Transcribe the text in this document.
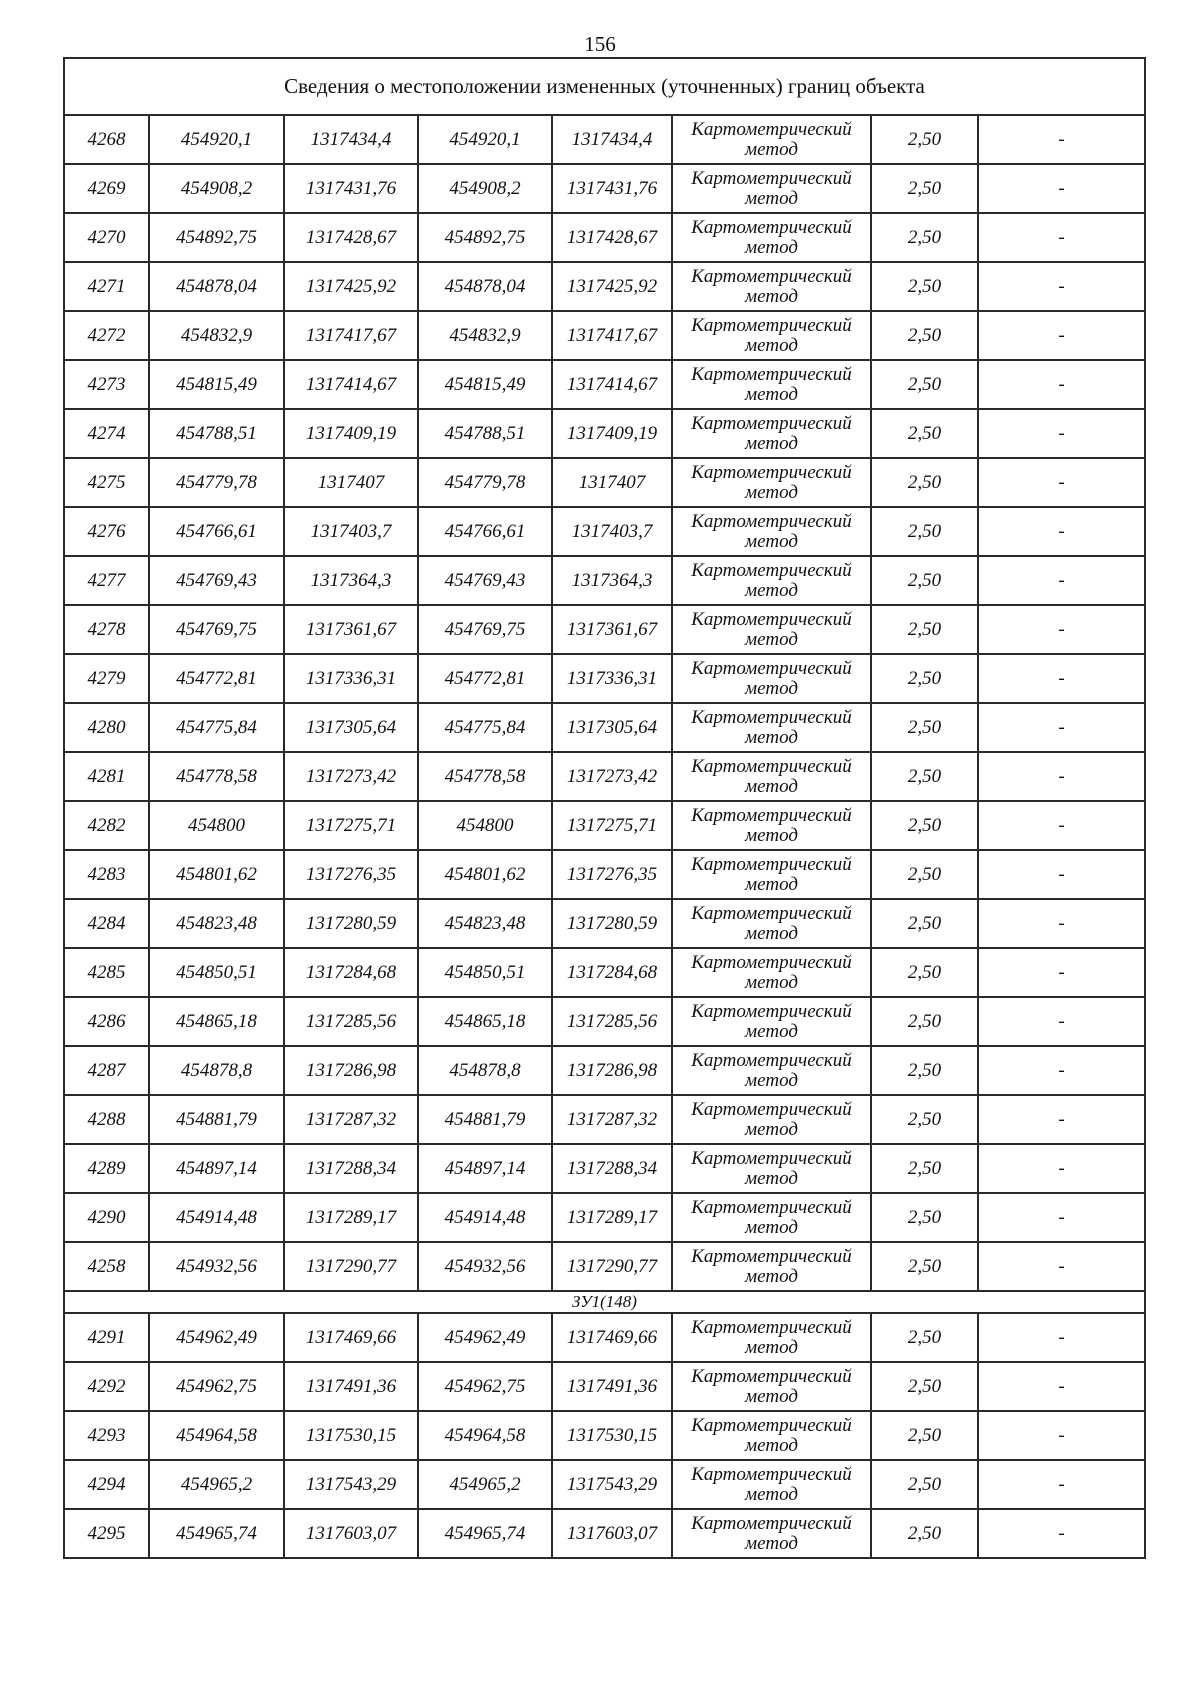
156
Сведения о местоположении измененных (уточненных) границ объекта							
4268	454920,1	1317434,4	454920,1	1317434,4	Картометрический
метод	2,50	-
4269	454908,2	1317431,76	454908,2	1317431,76	Картометрический
метод	2,50	-
4270	454892,75	1317428,67	454892,75	1317428,67	Картометрический
метод	2,50	-
4271	454878,04	1317425,92	454878,04	1317425,92	Картометрический
метод	2,50	-
4272	454832,9	1317417,67	454832,9	1317417,67	Картометрический
метод	2,50	-
4273	454815,49	1317414,67	454815,49	1317414,67	Картометрический
метод	2,50	-
4274	454788,51	1317409,19	454788,51	1317409,19	Картометрический
метод	2,50	-
4275	454779,78	1317407	454779,78	1317407	Картометрический
метод	2,50	-
4276	454766,61	1317403,7	454766,61	1317403,7	Картометрический
метод	2,50	-
4277	454769,43	1317364,3	454769,43	1317364,3	Картометрический
метод	2,50	-
4278	454769,75	1317361,67	454769,75	1317361,67	Картометрический
метод	2,50	-
4279	454772,81	1317336,31	454772,81	1317336,31	Картометрический
метод	2,50	-
4280	454775,84	1317305,64	454775,84	1317305,64	Картометрический
метод	2,50	-
4281	454778,58	1317273,42	454778,58	1317273,42	Картометрический
метод	2,50	-
4282	454800	1317275,71	454800	1317275,71	Картометрический
метод	2,50	-
4283	454801,62	1317276,35	454801,62	1317276,35	Картометрический
метод	2,50	-
4284	454823,48	1317280,59	454823,48	1317280,59	Картометрический
метод	2,50	-
4285	454850,51	1317284,68	454850,51	1317284,68	Картометрический
метод	2,50	-
4286	454865,18	1317285,56	454865,18	1317285,56	Картометрический
метод	2,50	-
4287	454878,8	1317286,98	454878,8	1317286,98	Картометрический
метод	2,50	-
4288	454881,79	1317287,32	454881,79	1317287,32	Картометрический
метод	2,50	-
4289	454897,14	1317288,34	454897,14	1317288,34	Картометрический
метод	2,50	-
4290	454914,48	1317289,17	454914,48	1317289,17	Картометрический
метод	2,50	-
4258	454932,56	1317290,77	454932,56	1317290,77	Картометрический
метод	2,50	-
ЗУ1(148)							
4291	454962,49	1317469,66	454962,49	1317469,66	Картометрический
метод	2,50	-
4292	454962,75	1317491,36	454962,75	1317491,36	Картометрический
метод	2,50	-
4293	454964,58	1317530,15	454964,58	1317530,15	Картометрический
метод	2,50	-
4294	454965,2	1317543,29	454965,2	1317543,29	Картометрический
метод	2,50	-
4295	454965,74	1317603,07	454965,74	1317603,07	Картометрический
метод	2,50	-
